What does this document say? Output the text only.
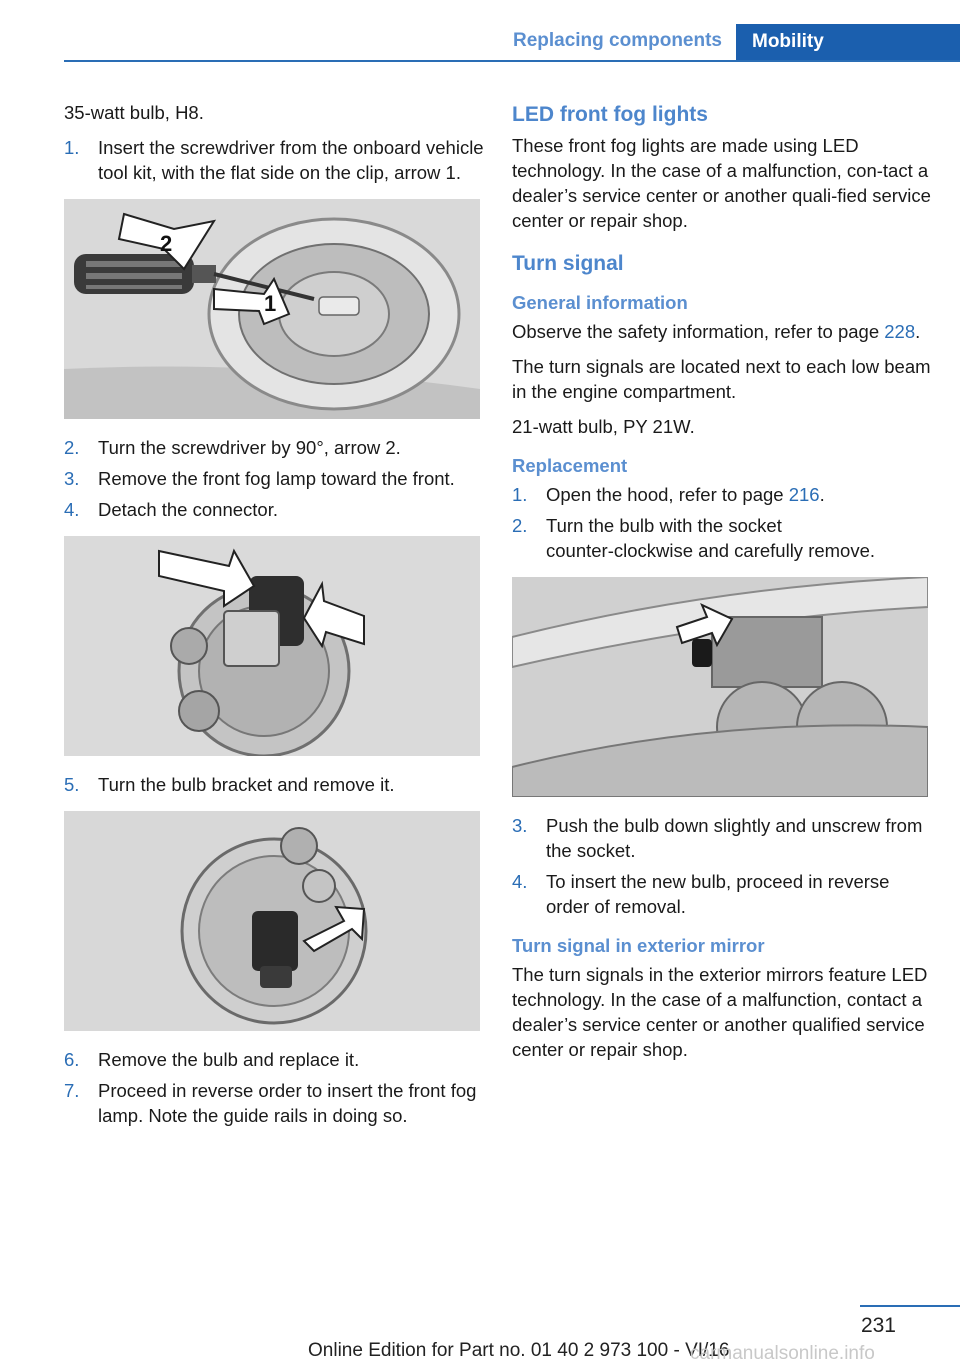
Replacing components	Mobility

35‑watt bulb, H8.

1.	Insert the screwdriver from the onboard vehicle tool kit, with the flat side on the clip, arrow 1.
2
1
2.	Turn the screwdriver by 90°, arrow 2.
3.	Remove the front fog lamp toward the front.
4.	Detach the connector.
5.	Turn the bulb bracket and remove it.
6.	Remove the bulb and replace it.
7.	Proceed in reverse order to insert the front fog lamp. Note the guide rails in doing so.
LED front fog lights

These front fog lights are made using LED technology. In the case of a malfunction, con‑tact a dealer’s service center or another quali‑fied service center or repair shop.

Turn signal
General information

Observe the safety information, refer to page 228.

The turn signals are located next to each low beam in the engine compartment.

21‑watt bulb, PY 21W.

Replacement
1.	Open the hood, refer to page 216.
2.	Turn the bulb with the socket counter‑clockwise and carefully remove.
3.	Push the bulb down slightly and unscrew from the socket.
4.	To insert the new bulb, proceed in reverse order of removal.
Turn signal in exterior mirror

The turn signals in the exterior mirrors feature LED technology. In the case of a malfunction, contact a dealer’s service center or another qualified service center or repair shop.

231
Online Edition for Part no. 01 40 2 973 100 - VI/16
carmanualsonline.info
